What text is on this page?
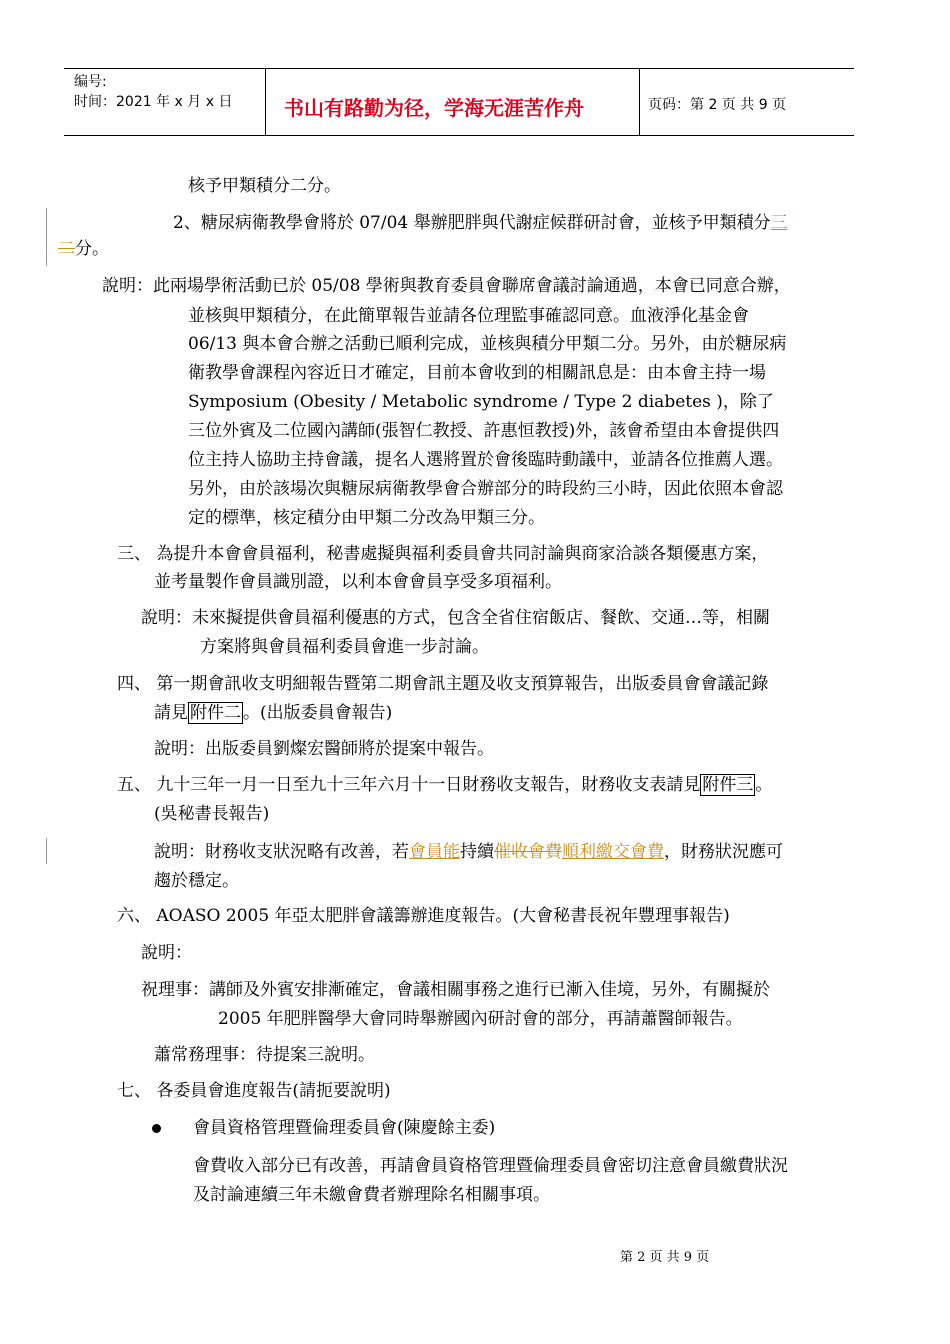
编号:
时间：2021 年 x 月 x 日	书山有路勤为径，学海无涯苦作舟	页码：第 2 页 共 9 页
核予甲類積分二分。
2、糖尿病衛教學會將於 07/04 舉辦肥胖與代謝症候群研討會，並核予甲類積分三
二分。
說明：此兩場學術活動已於 05/08 學術與教育委員會聯席會議討論通過，本會已同意合辦，
並核與甲類積分，在此簡單報告並請各位理監事確認同意。血液淨化基金會
06/13 與本會合辦之活動已順利完成，並核與積分甲類二分。另外，由於糖尿病
衛教學會課程內容近日才確定，目前本會收到的相關訊息是：由本會主持一場
Symposium (Obesity / Metabolic syndrome / Type 2 diabetes )，除了
三位外賓及二位國內講師(張智仁教授、許惠恒教授)外，該會希望由本會提供四
位主持人協助主持會議，提名人選將置於會後臨時動議中，並請各位推薦人選。
另外，由於該場次與糖尿病衛教學會合辦部分的時段約三小時，因此依照本會認
定的標準，核定積分由甲類二分改為甲類三分。
三、 為提升本會會員福利，秘書處擬與福利委員會共同討論與商家洽談各類優惠方案，
並考量製作會員識別證，以利本會會員享受多項福利。
說明：未來擬提供會員福利優惠的方式，包含全省住宿飯店、餐飲、交通…等，相關
方案將與會員福利委員會進一步討論。
四、 第一期會訊收支明細報告暨第二期會訊主題及收支預算報告，出版委員會會議記錄
請見 附件二 。(出版委員會報告)
說明：出版委員劉燦宏醫師將於提案中報告。
五、 九十三年一月一日至九十三年六月十一日財務收支報告，財務收支表請見 附件三 。
(吳秘書長報告)
說明：財務收支狀況略有改善，若會員能持續催收會費順利繳交會費，財務狀況應可
趨於穩定。
六、 AOASO 2005 年亞太肥胖會議籌辦進度報告。(大會秘書長祝年豐理事報告)
說明：
祝理事：講師及外賓安排漸確定，會議相關事務之進行已漸入佳境，另外，有關擬於
2005 年肥胖醫學大會同時舉辦國內研討會的部分，再請蕭醫師報告。
蕭常務理事：待提案三說明。
七、 各委員會進度報告(請扼要說明)
會員資格管理暨倫理委員會(陳慶餘主委)
會費收入部分已有改善，再請會員資格管理暨倫理委員會密切注意會員繳費狀況
及討論連續三年未繳會費者辦理除名相關事項。
第 2 页 共 9 页
